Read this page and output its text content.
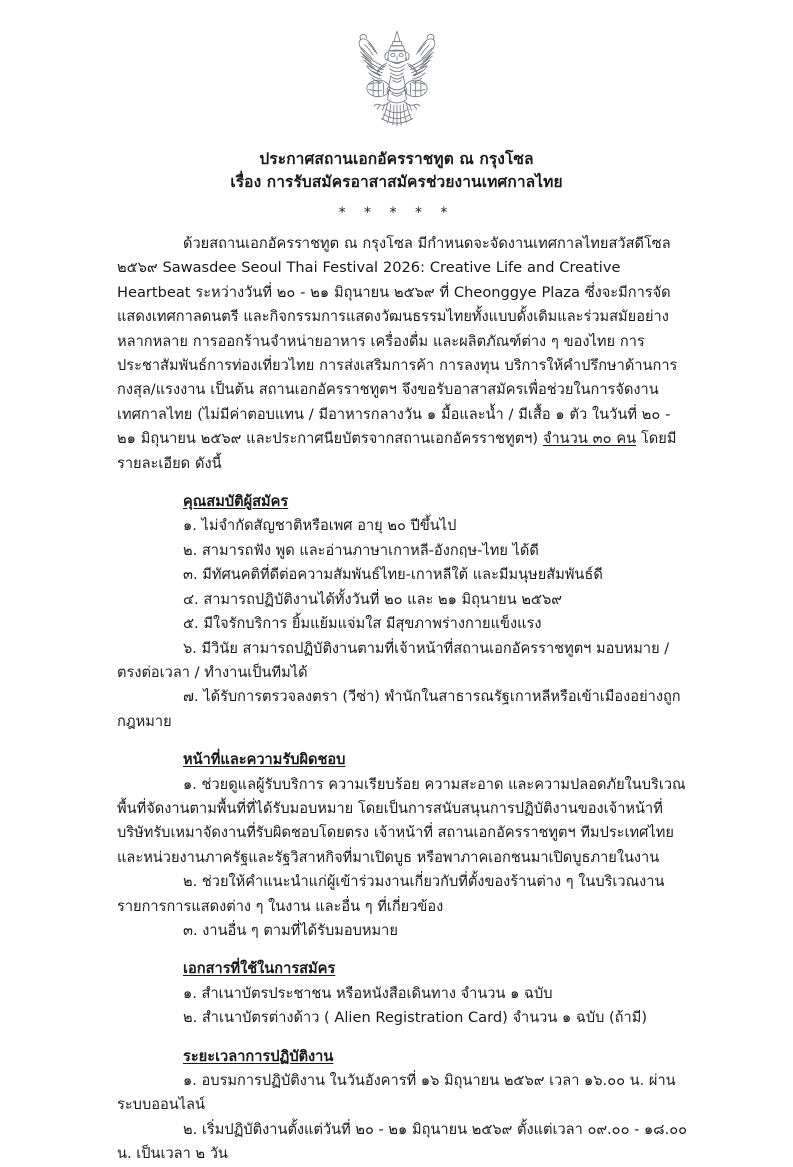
ประกาศสถานเอกอัครราชทูต ณ กรุงโซล
เรื่อง การรับสมัครอาสาสมัครช่วยงานเทศกาลไทย
* * * * *

ด้วยสถานเอกอัครราชทูต ณ กรุงโซล มีกำหนดจะจัดงานเทศกาลไทยสวัสดีโซล ๒๕๖๙ Sawasdee Seoul Thai Festival 2026: Creative Life and Creative Heartbeat ระหว่างวันที่ ๒๐ - ๒๑ มิถุนายน ๒๕๖๙ ที่ Cheonggye Plaza ซึ่งจะมีการจัดแสดงเทศกาลดนตรี และกิจกรรมการแสดงวัฒนธรรมไทยทั้งแบบดั้งเดิมและร่วมสมัยอย่างหลากหลาย การออกร้านจำหน่ายอาหาร เครื่องดื่ม และผลิตภัณฑ์ต่าง ๆ ของไทย การประชาสัมพันธ์การท่องเที่ยวไทย การส่งเสริมการค้า การลงทุน บริการให้คำปรึกษาด้านการกงสุล/แรงงาน เป็นต้น สถานเอกอัครราชทูตฯ จึงขอรับอาสาสมัครเพื่อช่วยในการจัดงานเทศกาลไทย (ไม่มีค่าตอบแทน / มีอาหารกลางวัน ๑ มื้อและน้ำ / มีเสื้อ ๑ ตัว ในวันที่ ๒๐ - ๒๑ มิถุนายน ๒๕๖๙ และประกาศนียบัตรจากสถานเอกอัครราชทูตฯ) จำนวน ๓๐ คน โดยมีรายละเอียด ดังนี้

คุณสมบัติผู้สมัคร
๑. ไม่จำกัดสัญชาติหรือเพศ อายุ ๒๐ ปีขึ้นไป
๒. สามารถฟัง พูด และอ่านภาษาเกาหลี-อังกฤษ-ไทย ได้ดี
๓. มีทัศนคติที่ดีต่อความสัมพันธ์ไทย-เกาหลีใต้ และมีมนุษยสัมพันธ์ดี
๔. สามารถปฏิบัติงานได้ทั้งวันที่ ๒๐ และ ๒๑ มิถุนายน ๒๕๖๙
๕. มีใจรักบริการ ยิ้มแย้มแจ่มใส มีสุขภาพร่างกายแข็งแรง
๖. มีวินัย สามารถปฏิบัติงานตามที่เจ้าหน้าที่สถานเอกอัครราชทูตฯ มอบหมาย / ตรงต่อเวลา / ทำงานเป็นทีมได้
๗. ได้รับการตรวจลงตรา (วีซ่า) พำนักในสาธารณรัฐเกาหลีหรือเข้าเมืองอย่างถูกกฎหมาย
หน้าที่และความรับผิดชอบ
๑. ช่วยดูแลผู้รับบริการ ความเรียบร้อย ความสะอาด และความปลอดภัยในบริเวณพื้นที่จัดงานตามพื้นที่ที่ได้รับมอบหมาย โดยเป็นการสนับสนุนการปฏิบัติงานของเจ้าหน้าที่บริษัทรับเหมาจัดงานที่รับผิดชอบโดยตรง เจ้าหน้าที่ สถานเอกอัครราชทูตฯ ทีมประเทศไทย และหน่วยงานภาครัฐและรัฐวิสาหกิจที่มาเปิดบูธ หรือพาภาคเอกชนมาเปิดบูธภายในงาน
๒. ช่วยให้คำแนะนำแก่ผู้เข้าร่วมงานเกี่ยวกับที่ตั้งของร้านต่าง ๆ ในบริเวณงาน รายการการแสดงต่าง ๆ ในงาน และอื่น ๆ ที่เกี่ยวข้อง
๓. งานอื่น ๆ ตามที่ได้รับมอบหมาย
เอกสารที่ใช้ในการสมัคร
๑. สำเนาบัตรประชาชน หรือหนังสือเดินทาง จำนวน ๑ ฉบับ
๒. สำเนาบัตรต่างด้าว ( Alien Registration Card) จำนวน ๑ ฉบับ (ถ้ามี)
ระยะเวลาการปฏิบัติงาน
๑. อบรมการปฏิบัติงาน ในวันอังคารที่ ๑๖ มิถุนายน ๒๕๖๙ เวลา ๑๖.๐๐ น. ผ่านระบบออนไลน์
๒. เริ่มปฏิบัติงานตั้งแต่วันที่ ๒๐ - ๒๑ มิถุนายน ๒๕๖๙ ตั้งแต่เวลา ๐๙.๐๐ - ๑๘.๐๐ น. เป็นเวลา ๒ วัน
